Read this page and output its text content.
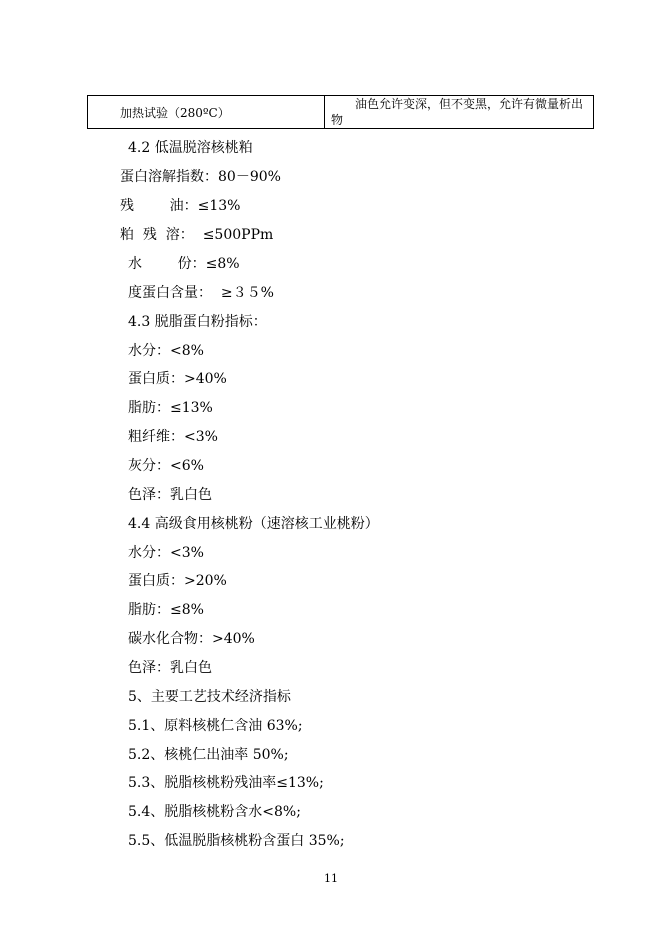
加热试验（280ºC）
油色允许变深，但不变黑，允许有微量析出物
4.2 低温脱溶核桃粕
蛋白溶解指数：80－90%
残        油：≤13%
粕  残  溶：  ≤500PPm
水        份：≤8%
度蛋白含量：  ≥３５%
4.3 脱脂蛋白粉指标：
水分：<8%
蛋白质：>40%
脂肪：≤13%
粗纤维：<3%
灰分：<6%
色泽：乳白色
4.4 高级食用核桃粉（速溶核工业桃粉）
水分：<3%
蛋白质：>20%
脂肪：≤8%
碳水化合物：>40%
色泽：乳白色
5、主要工艺技术经济指标
5.1、原料核桃仁含油 63%;
5.2、核桃仁出油率 50%;
5.3、脱脂核桃粉残油率≤13%;
5.4、脱脂核桃粉含水<8%;
5.5、低温脱脂核桃粉含蛋白 35%;
11
